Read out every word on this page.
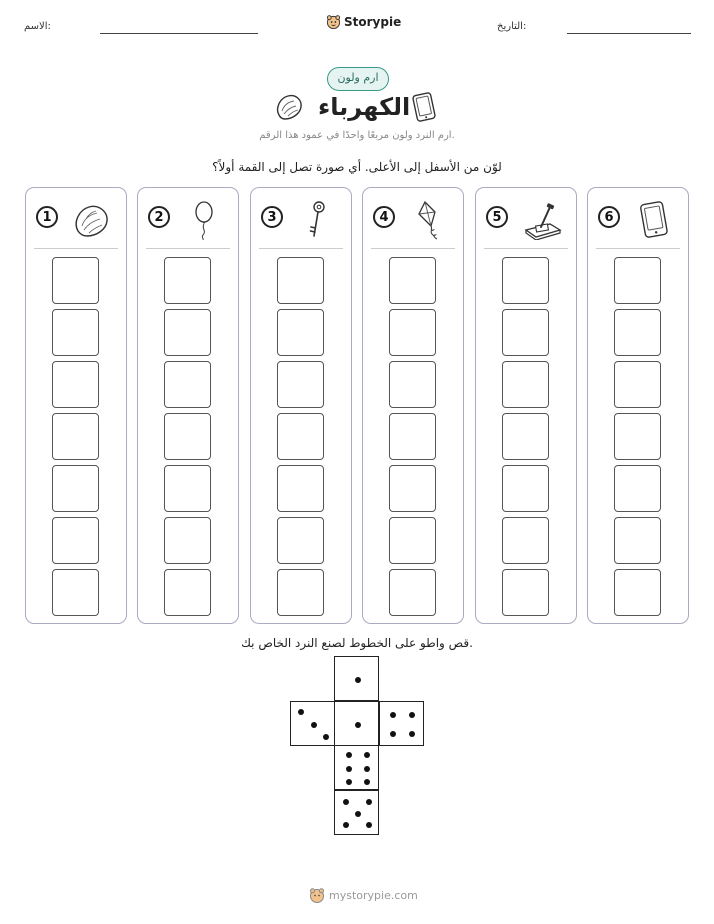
الاسم:	Storypie	التاريخ:
ارم ولون
الكهرباء
ارم النرد ولون مربعًا واحدًا في عمود هذا الرقم.
لوّن من الأسفل إلى الأعلى. أي صورة تصل إلى القمة أولاً؟
1	2	3	4	5	6
قص واطو على الخطوط لصنع النرد الخاص بك.
mystorypie.com
